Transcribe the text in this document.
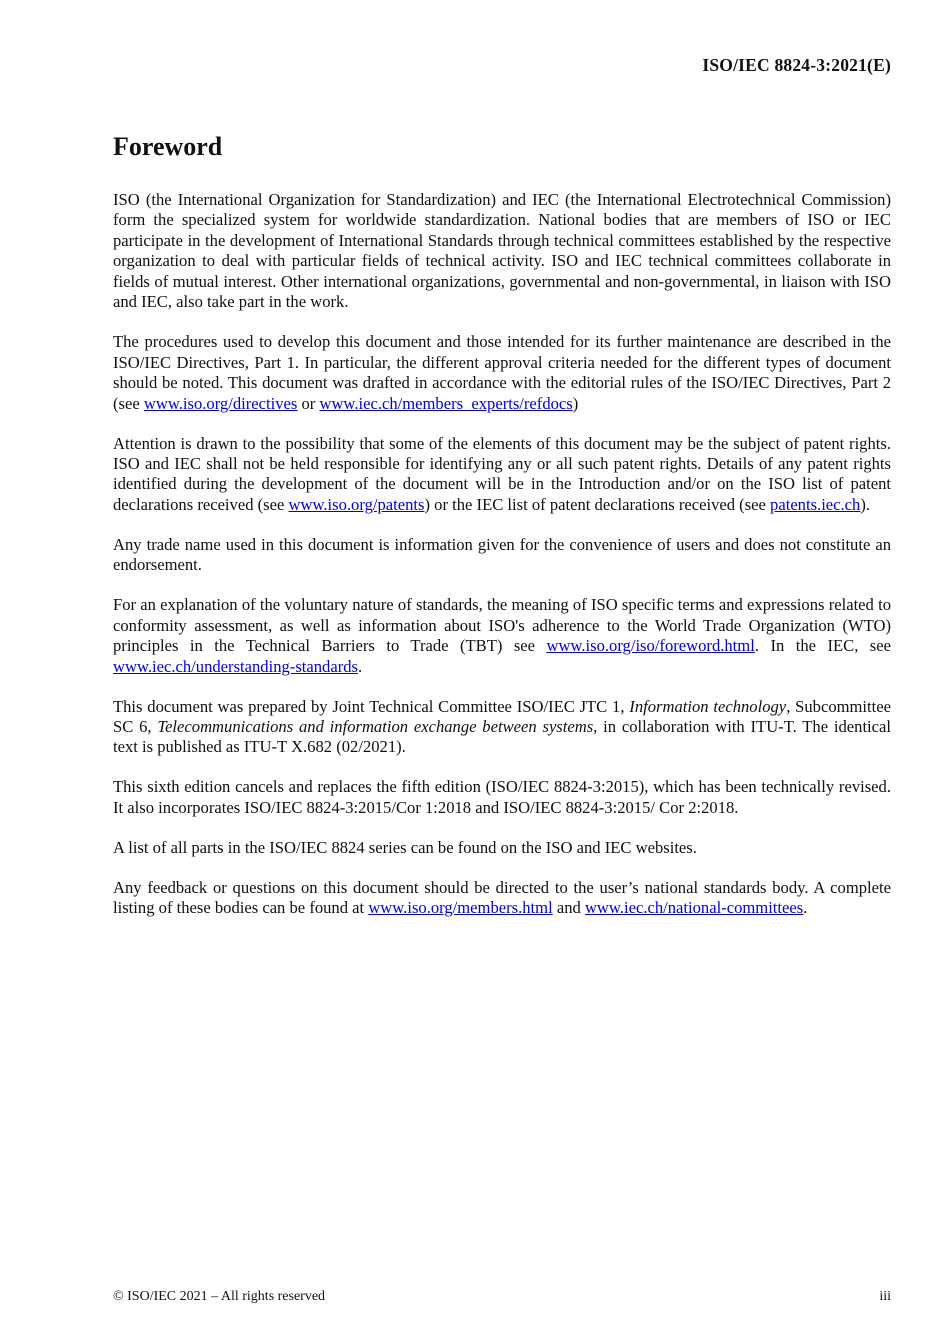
ISO/IEC 8824-3:2021(E)
Foreword

ISO (the International Organization for Standardization) and IEC (the International Electrotechnical Commission) form the specialized system for worldwide standardization. National bodies that are members of ISO or IEC participate in the development of International Standards through technical committees established by the respective organization to deal with particular fields of technical activity. ISO and IEC technical committees collaborate in fields of mutual interest. Other international organizations, governmental and non-governmental, in liaison with ISO and IEC, also take part in the work.

The procedures used to develop this document and those intended for its further maintenance are described in the ISO/IEC Directives, Part 1. In particular, the different approval criteria needed for the different types of document should be noted. This document was drafted in accordance with the editorial rules of the ISO/IEC Directives, Part 2 (see www.iso.org/directives or www.iec.ch/members_experts/refdocs)

Attention is drawn to the possibility that some of the elements of this document may be the subject of patent rights. ISO and IEC shall not be held responsible for identifying any or all such patent rights. Details of any patent rights identified during the development of the document will be in the Introduction and/or on the ISO list of patent declarations received (see www.iso.org/patents) or the IEC list of patent declarations received (see patents.iec.ch).

Any trade name used in this document is information given for the convenience of users and does not constitute an endorsement.

For an explanation of the voluntary nature of standards, the meaning of ISO specific terms and expressions related to conformity assessment, as well as information about ISO's adherence to the World Trade Organization (WTO) principles in the Technical Barriers to Trade (TBT) see www.iso.org/iso/foreword.html. In the IEC, see www.iec.ch/understanding-standards.

This document was prepared by Joint Technical Committee ISO/IEC JTC 1, Information technology, Subcommittee SC 6, Telecommunications and information exchange between systems, in collaboration with ITU-T. The identical text is published as ITU-T X.682 (02/2021).

This sixth edition cancels and replaces the fifth edition (ISO/IEC 8824-3:2015), which has been technically revised. It also incorporates ISO/IEC 8824-3:2015/Cor 1:2018 and ISO/IEC 8824-3:2015/ Cor 2:2018.

A list of all parts in the ISO/IEC 8824 series can be found on the ISO and IEC websites.

Any feedback or questions on this document should be directed to the user’s national standards body. A complete listing of these bodies can be found at www.iso.org/members.html and www.iec.ch/national-committees.

© ISO/IEC 2021 – All rights reserved	iii
